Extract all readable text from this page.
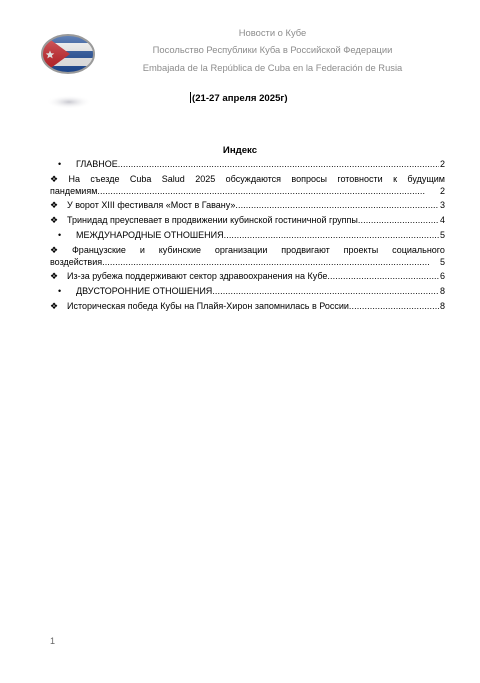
Новости о Кубе
Посольство Республики Куба в Российской Федерации
Embajada de la República de Cuba en la Federación de Rusia
(21-27 апреля 2025г)
Индекс
•	ГЛАВНОЕ . . .	2
❖ На съезде Cuba Salud 2025 обсуждаются вопросы готовности к будущим
пандемиям . . .	2
❖ У ворот XIII фестиваля «Мост в Гавану» . . .	3
❖ Тринидад преуспевает в продвижении кубинской гостиничной группы . . .	4
•	МЕЖДУНАРОДНЫЕ ОТНОШЕНИЯ . . .	5
❖ Французские и кубинские организации продвигают проекты социального
воздействия . . .	5
❖ Из-за рубежа поддерживают сектор здравоохранения на Кубе . . .	6
•	ДВУСТОРОННИЕ ОТНОШЕНИЯ . . .	8
❖ Историческая победа Кубы на Плайя-Хирон запомнилась в России . . .	8
1
